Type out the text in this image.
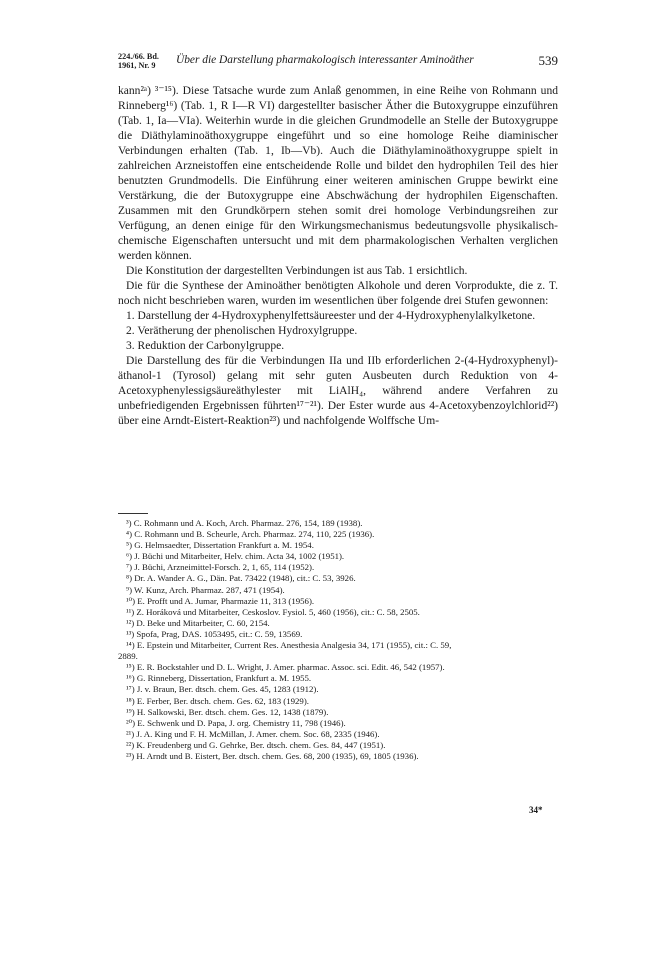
224./66. Bd.
1961, Nr. 9	Über die Darstellung pharmakologisch interessanter Aminoäther	539

kann²ᵃ) ³⁻¹⁵). Diese Tatsache wurde zum Anlaß genommen, in eine Reihe von Rohmann und Rinneberg¹⁶) (Tab. 1, R I—R VI) dargestellter basischer Äther die Butoxygruppe einzuführen (Tab. 1, Ia—VIa). Weiterhin wurde in die gleichen Grundmodelle an Stelle der Butoxygruppe die Diäthylaminoäthoxygruppe eingeführt und so eine homologe Reihe diaminischer Verbindungen erhalten (Tab. 1, Ib—Vb). Auch die Diäthylaminoäthoxygruppe spielt in zahlreichen Arzneistoffen eine entscheidende Rolle und bildet den hydrophilen Teil des hier benutzten Grundmodells. Die Einführung einer weiteren aminischen Gruppe bewirkt eine Verstärkung, die der Butoxygruppe eine Abschwächung der hydrophilen Eigenschaften. Zusammen mit den Grundkörpern stehen somit drei homologe Verbindungsreihen zur Verfügung, an denen einige für den Wirkungsmechanismus bedeutungsvolle physikalisch-chemische Eigenschaften untersucht und mit dem pharmakologischen Verhalten verglichen werden können.

Die Konstitution der dargestellten Verbindungen ist aus Tab. 1 ersichtlich.

Die für die Synthese der Aminoäther benötigten Alkohole und deren Vorprodukte, die z. T. noch nicht beschrieben waren, wurden im wesentlichen über folgende drei Stufen gewonnen:

1. Darstellung der 4-Hydroxyphenylfettsäureester und der 4-Hydroxyphenylalkylketone.
2. Verätherung der phenolischen Hydroxylgruppe.
3. Reduktion der Carbonylgruppe.

Die Darstellung des für die Verbindungen IIa und IIb erforderlichen 2-(4-Hydroxyphenyl)-äthanol-1 (Tyrosol) gelang mit sehr guten Ausbeuten durch Reduktion von 4-Acetoxyphenylessigsäureäthylester mit LiAlH₄, während andere Verfahren zu unbefriedigenden Ergebnissen führten¹⁷⁻²¹). Der Ester wurde aus 4-Acetoxybenzoylchlorid²²) über eine Arndt-Eistert-Reaktion²³) und nachfolgende Wolffsche Um-

³) C. Rohmann und A. Koch, Arch. Pharmaz. 276, 154, 189 (1938).
⁴) C. Rohmann und B. Scheurle, Arch. Pharmaz. 274, 110, 225 (1936).
⁵) G. Helmsaedter, Dissertation Frankfurt a. M. 1954.
⁶) J. Büchi und Mitarbeiter, Helv. chim. Acta 34, 1002 (1951).
⁷) J. Büchi, Arzneimittel-Forsch. 2, 1, 65, 114 (1952).
⁸) Dr. A. Wander A. G., Dän. Pat. 73422 (1948), cit.: C. 53, 3926.
⁹) W. Kunz, Arch. Pharmaz. 287, 471 (1954).
¹⁰) E. Profft und A. Jumar, Pharmazie 11, 313 (1956).
¹¹) Z. Horáková und Mitarbeiter, Ceskoslov. Fysiol. 5, 460 (1956), cit.: C. 58, 2505.
¹²) D. Beke und Mitarbeiter, C. 60, 2154.
¹³) Spofa, Prag, DAS. 1053495, cit.: C. 59, 13569.
¹⁴) E. Epstein und Mitarbeiter, Current Res. Anesthesia Analgesia 34, 171 (1955), cit.: C. 59,
2889.
¹⁵) E. R. Bockstahler und D. L. Wright, J. Amer. pharmac. Assoc. sci. Edit. 46, 542 (1957).
¹⁶) G. Rinneberg, Dissertation, Frankfurt a. M. 1955.
¹⁷) J. v. Braun, Ber. dtsch. chem. Ges. 45, 1283 (1912).
¹⁸) E. Ferber, Ber. dtsch. chem. Ges. 62, 183 (1929).
¹⁹) H. Salkowski, Ber. dtsch. chem. Ges. 12, 1438 (1879).
²⁰) E. Schwenk und D. Papa, J. org. Chemistry 11, 798 (1946).
²¹) J. A. King und F. H. McMillan, J. Amer. chem. Soc. 68, 2335 (1946).
²²) K. Freudenberg und G. Gehrke, Ber. dtsch. chem. Ges. 84, 447 (1951).
²³) H. Arndt und B. Eistert, Ber. dtsch. chem. Ges. 68, 200 (1935), 69, 1805 (1936).
34*
